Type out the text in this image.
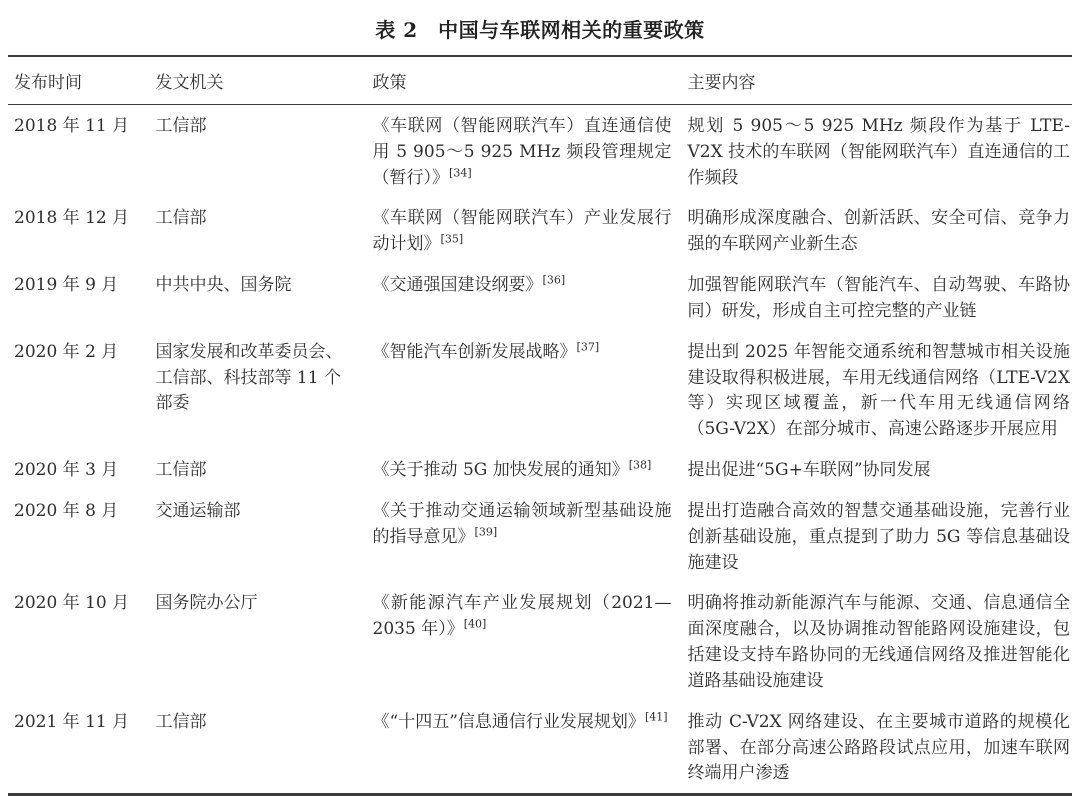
表 2　中国与车联网相关的重要政策
发布时间	发文机关	政策	主要内容
2018 年 11 月	工信部	《车联网（智能网联汽车）直连通信使用 5 905～5 925 MHz 频段管理规定（暂行）》[34]	规划 5 905～5 925 MHz 频段作为基于 LTE-V2X 技术的车联网（智能网联汽车）直连通信的工作频段
2018 年 12 月	工信部	《车联网（智能网联汽车）产业发展行动计划》[35]	明确形成深度融合、创新活跃、安全可信、竞争力强的车联网产业新生态
2019 年 9 月	中共中央、国务院	《交通强国建设纲要》[36]	加强智能网联汽车（智能汽车、自动驾驶、车路协同）研发，形成自主可控完整的产业链
2020 年 2 月	国家发展和改革委员会、工信部、科技部等 11 个部委	《智能汽车创新发展战略》[37]	提出到 2025 年智能交通系统和智慧城市相关设施建设取得积极进展，车用无线通信网络（LTE-V2X 等）实现区域覆盖，新一代车用无线通信网络（5G-V2X）在部分城市、高速公路逐步开展应用
2020 年 3 月	工信部	《关于推动 5G 加快发展的通知》[38]	提出促进“5G+车联网”协同发展
2020 年 8 月	交通运输部	《关于推动交通运输领域新型基础设施的指导意见》[39]	提出打造融合高效的智慧交通基础设施，完善行业创新基础设施，重点提到了助力 5G 等信息基础设施建设
2020 年 10 月	国务院办公厅	《新能源汽车产业发展规划（2021—2035 年）》[40]	明确将推动新能源汽车与能源、交通、信息通信全面深度融合，以及协调推动智能路网设施建设，包括建设支持车路协同的无线通信网络及推进智能化道路基础设施建设
2021 年 11 月	工信部	《“十四五”信息通信行业发展规划》[41]	推动 C-V2X 网络建设、在主要城市道路的规模化部署、在部分高速公路路段试点应用，加速车联网终端用户渗透
